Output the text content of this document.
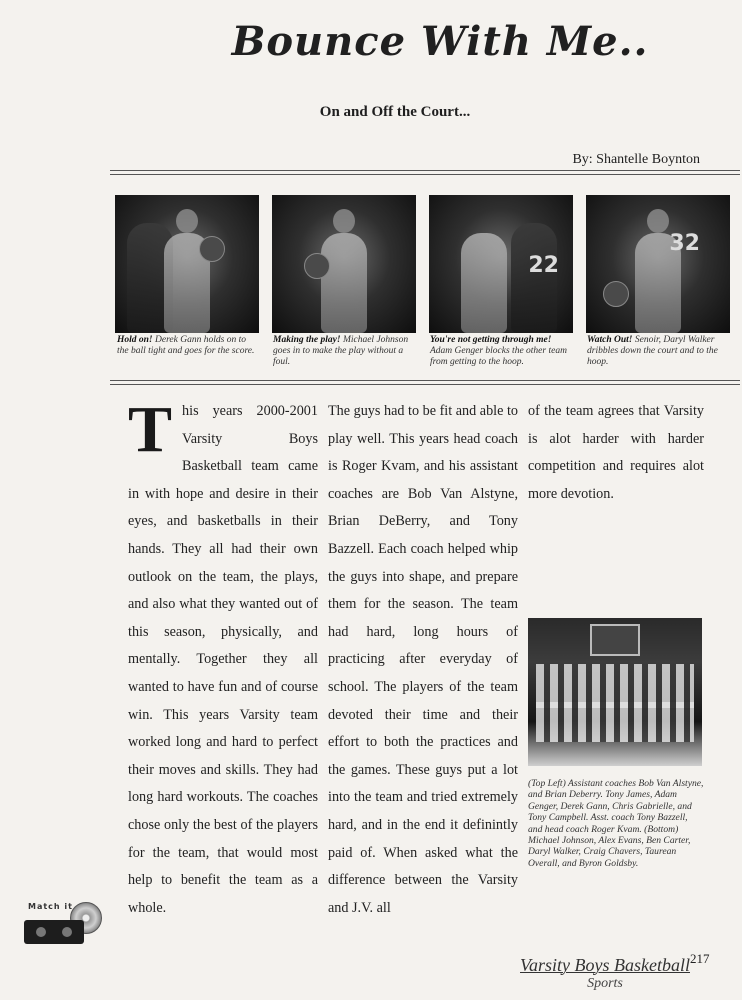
Bounce With Me..
On and Off the Court...
By: Shantelle Boynton
22
32
Hold on! Derek Gann holds on to the ball tight and goes for the score.
Making the play! Michael Johnson goes in to make the play without a foul.
You're not getting through me! Adam Genger blocks the other team from getting to the hoop.
Watch Out! Senoir, Daryl Walker dribbles down the court and to the hoop.
T his years 2000-2001 Varsity Boys Basketball team came in with hope and desire in their eyes, and basketballs in their hands. They all had their own outlook on the team, the plays, and also what they wanted out of this season, physically, and mentally. Together they all wanted to have fun and of course win. This years Varsity team worked long and hard to perfect their moves and skills. They had long hard workouts. The coaches chose only the best of the players for the team, that would most help to benefit the team as a whole.

The guys had to be fit and able to play well. This years head coach is Roger Kvam, and his assistant coaches are Bob Van Alstyne, Brian DeBerry, and Tony Bazzell. Each coach helped whip the guys into shape, and prepare them for the season. The team had hard, long hours of practicing after everyday of school. The players of the team devoted their time and their effort to both the practices and the games. These guys put a lot into the team and tried extremely hard, and in the end it definintly paid of. When asked what the difference between the Varsity and J.V. all

of the team agrees that Varsity is alot harder with harder competition and requires alot more devotion.

(Top Left) Assistant coaches Bob Van Alstyne, and Brian Deberry. Tony James, Adam Genger, Derek Gann, Chris Gabrielle, and Tony Campbell. Asst. coach Tony Bazzell, and head coach Roger Kvam. (Bottom) Michael Johnson, Alex Evans, Ben Carter, Daryl Walker, Craig Chavers, Taurean Overall, and Byron Goldsby.
Match it
Varsity Boys Basketball
Sports
217
